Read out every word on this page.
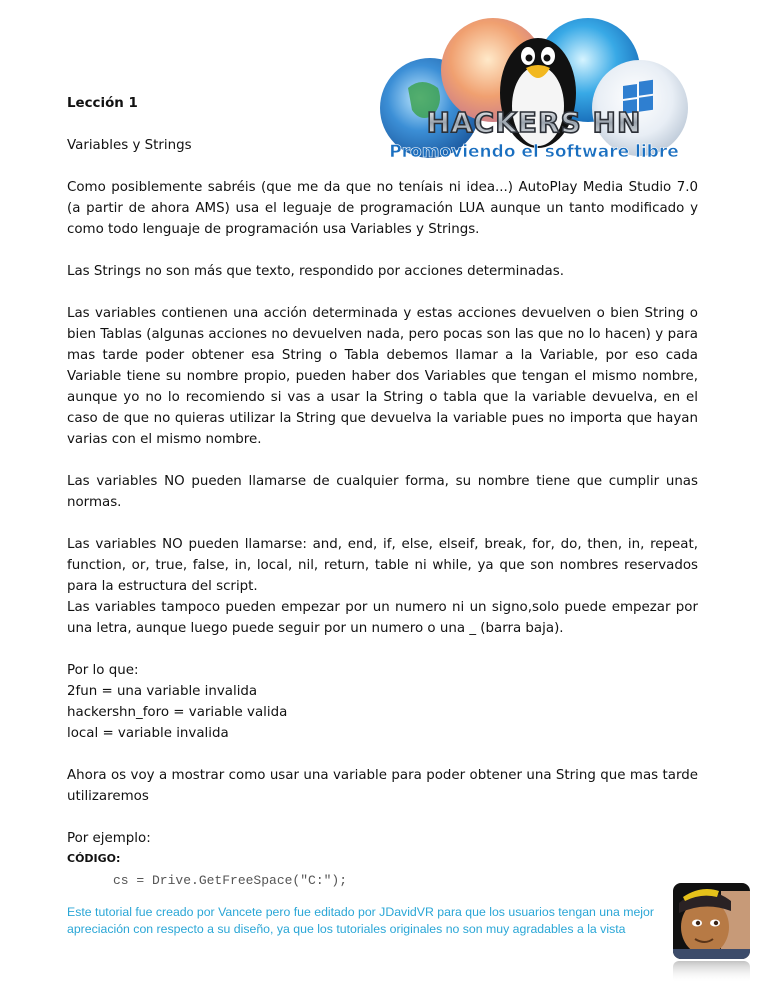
HACKERS HN
Promoviendo el software libre
Lección 1
Variables y Strings

Como posiblemente sabréis (que me da que no teníais ni idea...) AutoPlay Media Studio 7.0 (a partir de ahora AMS) usa el leguaje de programación LUA aunque un tanto modificado y como todo lenguaje de programación usa Variables y Strings.

Las Strings no son más que texto, respondido por acciones determinadas.

Las variables contienen una acción determinada y estas acciones devuelven o bien String o bien Tablas (algunas acciones no devuelven nada, pero pocas son las que no lo hacen) y para mas tarde poder obtener esa String o Tabla debemos llamar a la Variable, por eso cada Variable tiene su nombre propio, pueden haber dos Variables que tengan el mismo nombre, aunque yo no lo recomiendo si vas a usar la String o tabla que la variable devuelva, en el caso de que no quieras utilizar la String que devuelva la variable pues no importa que hayan varias con el mismo nombre.

Las variables NO pueden llamarse de cualquier forma, su nombre tiene que cumplir unas normas.

Las variables NO pueden llamarse: and, end, if, else, elseif, break, for, do, then, in, repeat, function, or, true, false, in, local, nil, return, table ni while, ya que son nombres reservados para la estructura del script.

Las variables tampoco pueden empezar por un numero ni un signo,solo puede empezar por una letra, aunque luego puede seguir por un numero o una _ (barra baja).

Por lo que:

2fun = una variable invalida

hackershn_foro = variable valida

local = variable invalida

Ahora os voy a mostrar como usar una variable para poder obtener una String que mas tarde utilizaremos

Por ejemplo:

CÓDIGO:
cs = Drive.GetFreeSpace("C:");

Este tutorial fue creado por Vancete pero fue editado por JDavidVR para que los usuarios tengan una mejor

apreciación con respecto a su diseño, ya que los tutoriales originales no son muy agradables a la vista
